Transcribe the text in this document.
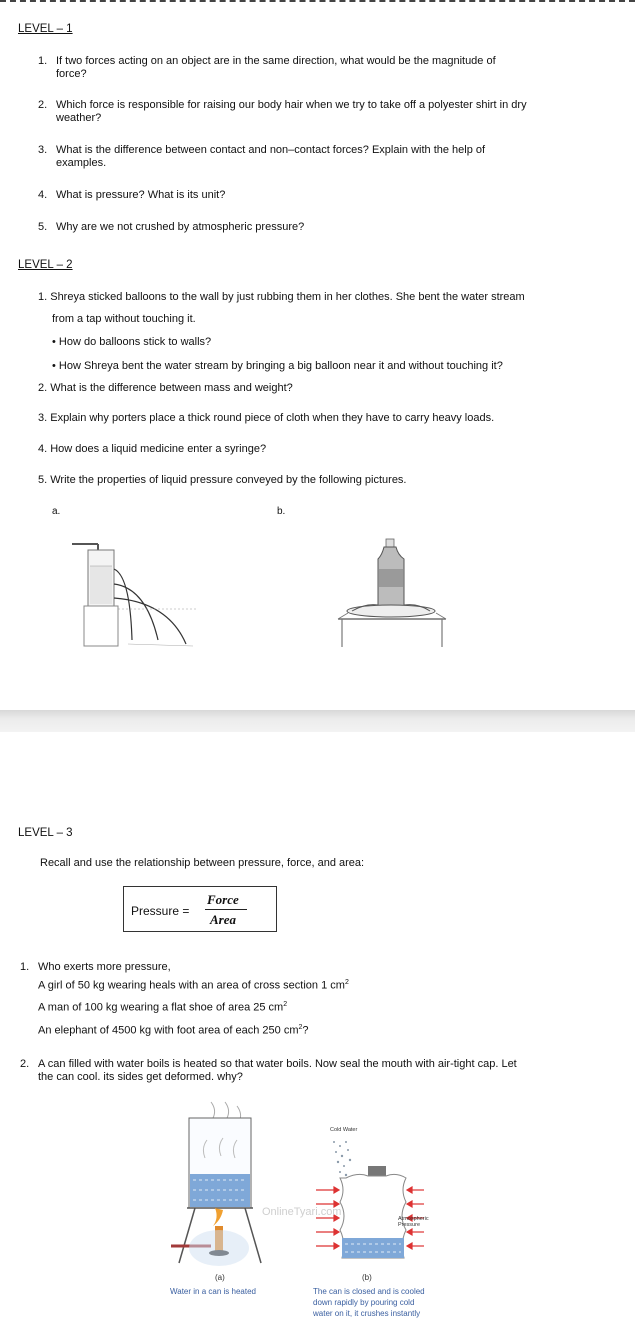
LEVEL – 1
1. If two forces acting on an object are in the same direction, what would be the magnitude of
force?
2. Which force is responsible for raising our body hair when we try to take off a polyester shirt in dry
weather?
3. What is the difference between contact and non–contact forces? Explain with the help of
examples.
4. What is pressure? What is its unit?
5. Why are we not crushed by atmospheric pressure?
LEVEL – 2
1. Shreya sticked balloons to the wall by just rubbing them in her clothes. She bent the water stream
from a tap without touching it.
• How do balloons stick to walls?
• How Shreya bent the water stream by bringing a big balloon near it and without touching it?
2. What is the difference between mass and weight?
3. Explain why porters place a thick round piece of cloth when they have to carry heavy loads.
4. How does a liquid medicine enter a syringe?
5. Write the properties of liquid pressure conveyed by the following pictures.
a.	b.
LEVEL – 3
Recall and use the relationship between pressure, force, and area:
Pressure =
Force
Area
1. Who exerts more pressure,
A girl of 50 kg wearing heals with an area of cross section 1 $cm^2$
A man of 100 kg wearing a flat shoe of area 25 $cm^2$
An elephant of 4500 kg with foot area of each 250 $cm^2$?
2. A can filled with water boils is heated so that water boils. Now seal the mouth with air-tight cap. Let
the can cool. its sides get deformed. why?
Cold Water
Atmospheric
Pressure
OnlineTyari.com
(a)
Water in a can is heated
(b)
The can is closed and is cooled
down rapidly by pouring cold
water on it, it crushes instantly
